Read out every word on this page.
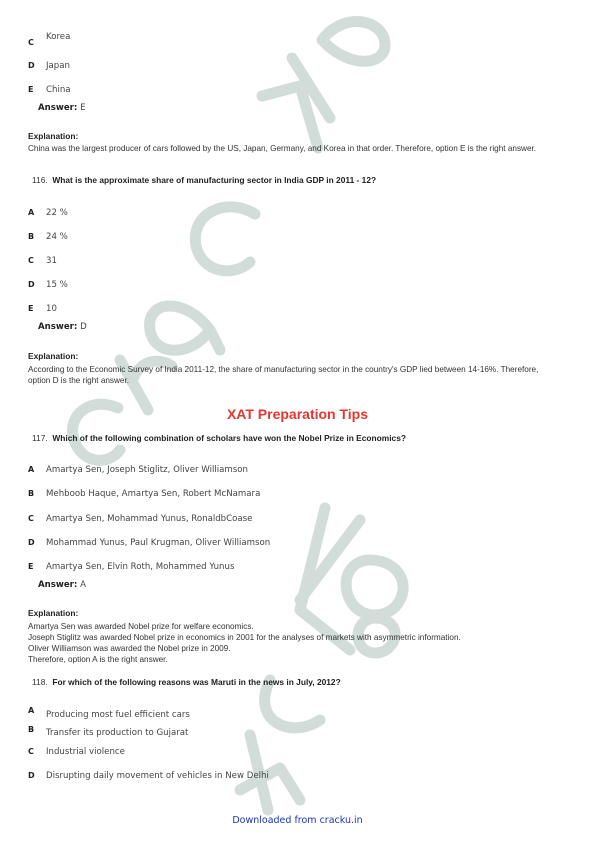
CKorea
D Japan
E China
Answer: E
Explanation:
China was the largest producer of cars followed by the US, Japan, Germany, and Korea in that order. Therefore, option E is the right answer.
116. What is the approximate share of manufacturing sector in India GDP in 2011 - 12?
A 22 %
B 24 %
C 31
D 15 %
E 10
Answer: D
Explanation:
According to the Economic Survey of India 2011-12, the share of manufacturing sector in the country's GDP lied between 14-16%. Therefore, option D is the right answer.
XAT Preparation Tips
117. Which of the following combination of scholars have won the Nobel Prize in Economics?
A Amartya Sen, Joseph Stiglitz, Oliver Williamson
B Mehboob Haque, Amartya Sen, Robert McNamara
C Amartya Sen, Mohammad Yunus, RonaldbCoase
D Mohammad Yunus, Paul Krugman, Oliver Williamson
E Amartya Sen, Elvin Roth, Mohammed Yunus
Answer: A
Explanation:
Amartya Sen was awarded Nobel prize for welfare economics.
Joseph Stiglitz was awarded Nobel prize in economics in 2001 for the analyses of markets with asymmetric information.
Oliver Williamson was awarded the Nobel prize in 2009.
Therefore, option A is the right answer.
118. For which of the following reasons was Maruti in the news in July, 2012?
A Producing most fuel efficient cars
B Transfer its production to Gujarat
C Industrial violence
D Disrupting daily movement of vehicles in New Delhi
Downloaded from cracku.in
